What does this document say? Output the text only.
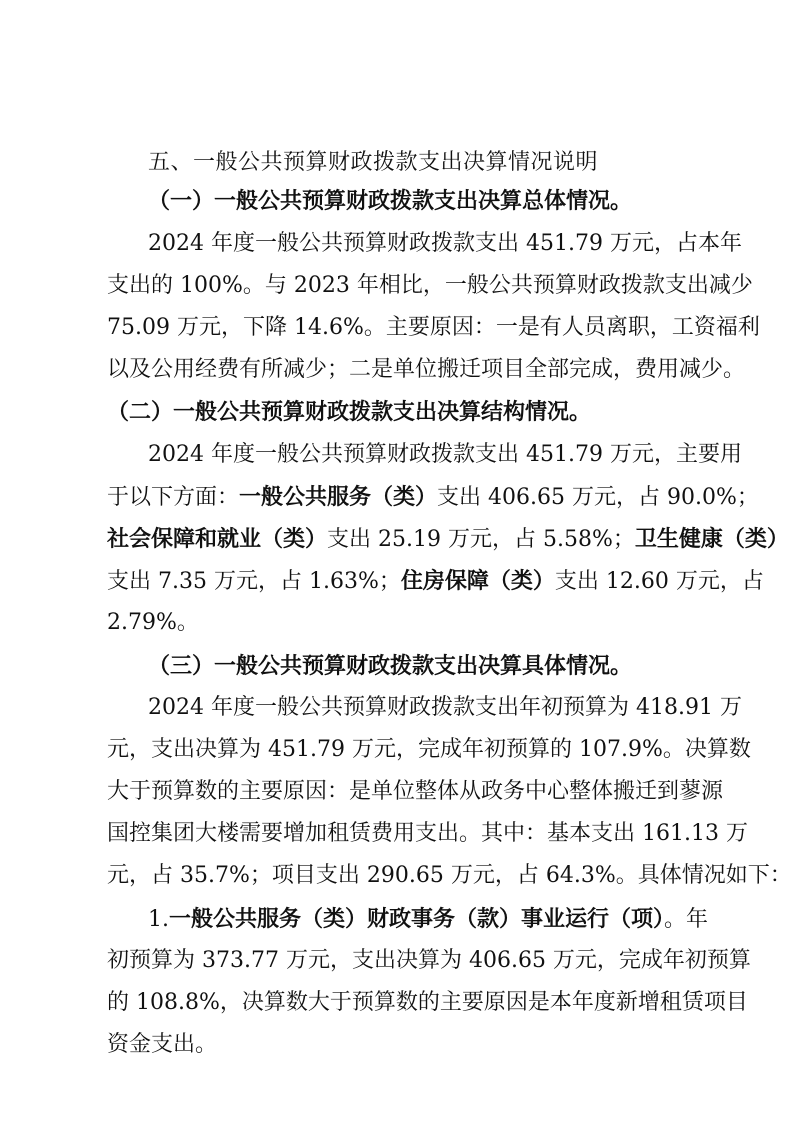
五、一般公共预算财政拨款支出决算情况说明
（一）一般公共预算财政拨款支出决算总体情况。
2024 年度一般公共预算财政拨款支出 451.79 万元，占本年
支出的 100%。与 2023 年相比，一般公共预算财政拨款支出减少
75.09 万元，下降 14.6%。主要原因：一是有人员离职，工资福利
以及公用经费有所减少；二是单位搬迁项目全部完成，费用减少。
（二）一般公共预算财政拨款支出决算结构情况。
2024 年度一般公共预算财政拨款支出 451.79 万元，主要用
于以下方面：一般公共服务（类）支出 406.65 万元，占 90.0%；
社会保障和就业（类）支出 25.19 万元，占 5.58%；卫生健康（类）
支出 7.35 万元，占 1.63%；住房保障（类）支出 12.60 万元，占
2.79%。
（三）一般公共预算财政拨款支出决算具体情况。
2024 年度一般公共预算财政拨款支出年初预算为 418.91 万
元，支出决算为 451.79 万元，完成年初预算的 107.9%。决算数
大于预算数的主要原因：是单位整体从政务中心整体搬迁到蓼源
国控集团大楼需要增加租赁费用支出。其中：基本支出 161.13 万
元，占 35.7%；项目支出 290.65 万元，占 64.3%。具体情况如下：
1.一般公共服务（类）财政事务（款）事业运行（项）。年
初预算为 373.77 万元，支出决算为 406.65 万元，完成年初预算
的 108.8%，决算数大于预算数的主要原因是本年度新增租赁项目
资金支出。
